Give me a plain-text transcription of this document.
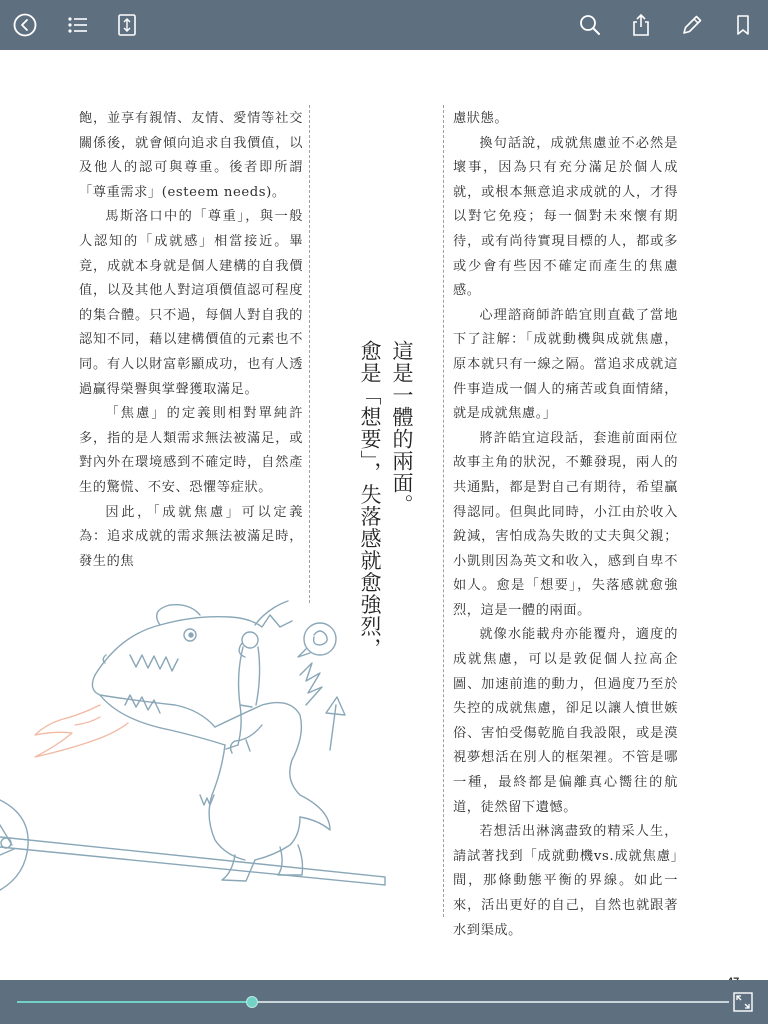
飽，並享有親情、友情、愛情等社交關係後，就會傾向追求自我價值，以及他人的認可與尊重。後者即所謂「尊重需求」(esteem needs)。

馬斯洛口中的「尊重」，與一般人認知的「成就感」相當接近。畢竟，成就本身就是個人建構的自我價值，以及其他人對這項價值認可程度的集合體。只不過，每個人對自我的認知不同，藉以建構價值的元素也不同。有人以財富彰顯成功，也有人透過贏得榮譽與掌聲獲取滿足。

「焦慮」的定義則相對單純許多，指的是人類需求無法被滿足，或對內外在環境感到不確定時，自然產生的驚慌、不安、恐懼等症狀。

因此，「成就焦慮」可以定義為：追求成就的需求無法被滿足時，發生的焦

這是一體的兩面。
愈是「想要」，失落感就愈強烈，

慮狀態。

換句話說，成就焦慮並不必然是壞事，因為只有充分滿足於個人成就，或根本無意追求成就的人，才得以對它免疫；每一個對未來懷有期待，或有尚待實現目標的人，都或多或少會有些因不確定而產生的焦慮感。

心理諮商師許皓宜則直截了當地下了註解：「成就動機與成就焦慮，原本就只有一線之隔。當追求成就這件事造成一個人的痛苦或負面情緒，就是成就焦慮。」

將許皓宜這段話，套進前面兩位故事主角的狀況，不難發現，兩人的共通點，都是對自己有期待，希望贏得認同。但與此同時，小江由於收入銳減，害怕成為失敗的丈夫與父親；小凱則因為英文和收入，感到自卑不如人。愈是「想要」，失落感就愈強烈，這是一體的兩面。

就像水能載舟亦能覆舟，適度的成就焦慮，可以是敦促個人拉高企圖、加速前進的動力，但過度乃至於失控的成就焦慮，卻足以讓人憤世嫉俗、害怕受傷乾脆自我設限，或是漠視夢想活在別人的框架裡。不管是哪一種，最終都是偏離真心嚮往的航道，徒然留下遺憾。

若想活出淋漓盡致的精采人生，請試著找到「成就動機vs.成就焦慮」間，那條動態平衡的界線。如此一來，活出更好的自己，自然也就跟著水到渠成。
